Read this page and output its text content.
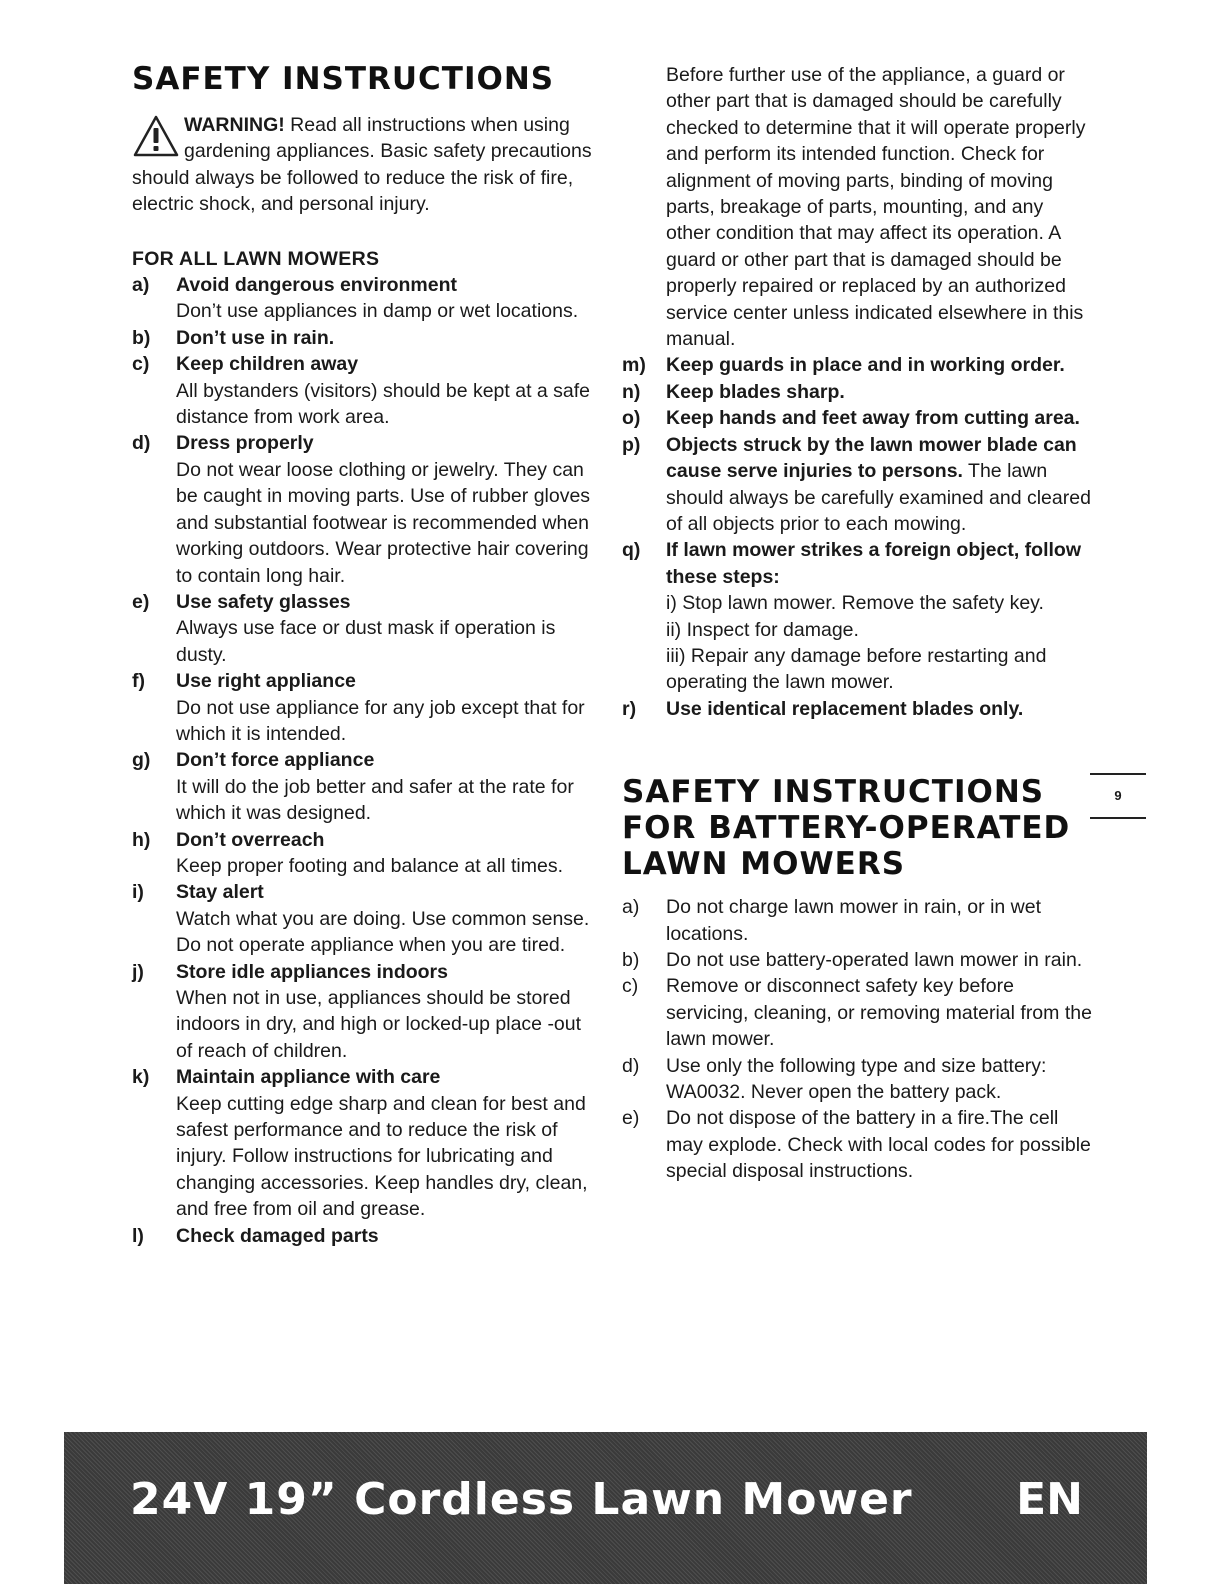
SAFETY INSTRUCTIONS

WARNING! Read all instructions when using gardening appliances. Basic safety precautions should always be followed to reduce the risk of fire, electric shock, and personal injury.

FOR ALL LAWN MOWERS
a) Avoid dangerous environment
Don’t use appliances in damp or wet locations.
b) Don’t use in rain.
c) Keep children away
All bystanders (visitors) should be kept at a safe distance from work area.
d) Dress properly
Do not wear loose clothing or jewelry. They can be caught in moving parts. Use of rubber gloves and substantial footwear is recommended when working outdoors. Wear protective hair covering to contain long hair.
e) Use safety glasses
Always use face or dust mask if operation is dusty.
f) Use right appliance
Do not use appliance for any job except that for which it is intended.
g) Don’t force appliance
It will do the job better and safer at the rate for which it was designed.
h) Don’t overreach
Keep proper footing and balance at all times.
i) Stay alert
Watch what you are doing. Use common sense. Do not operate appliance when you are tired.
j) Store idle appliances indoors
When not in use, appliances should be stored indoors in dry, and high or locked-up place -out of reach of children.
k) Maintain appliance with care
Keep cutting edge sharp and clean for best and safest performance and to reduce the risk of injury. Follow instructions for lubricating and changing accessories. Keep handles dry, clean, and free from oil and grease.
l) Check damaged parts

Before further use of the appliance, a guard or other part that is damaged should be carefully checked to determine that it will operate properly and perform its intended function. Check for alignment of moving parts, binding of moving parts, breakage of parts, mounting, and any other condition that may affect its operation. A guard or other part that is damaged should be properly repaired or replaced by an authorized service center unless indicated elsewhere in this manual.

m) Keep guards in place and in working order.
n) Keep blades sharp.
o) Keep hands and feet away from cutting area.
p) Objects struck by the lawn mower blade can cause serve injuries to persons. The lawn should always be carefully examined and cleared of all objects prior to each mowing.
q) If lawn mower strikes a foreign object, follow these steps:
i) Stop lawn mower. Remove the safety key.
ii) Inspect for damage.
iii) Repair any damage before restarting and operating the lawn mower.
r) Use identical replacement blades only.
SAFETY INSTRUCTIONS
FOR BATTERY-OPERATED
LAWN MOWERS
a) Do not charge lawn mower in rain, or in wet locations.
b) Do not use battery-operated lawn mower in rain.
c) Remove or disconnect safety key before servicing, cleaning, or removing material from the lawn mower.
d) Use only the following type and size battery: WA0032. Never open the battery pack.
e) Do not dispose of the battery in a fire.The cell may explode. Check with local codes for possible special disposal instructions.
9
24V 19” Cordless Lawn Mower EN
